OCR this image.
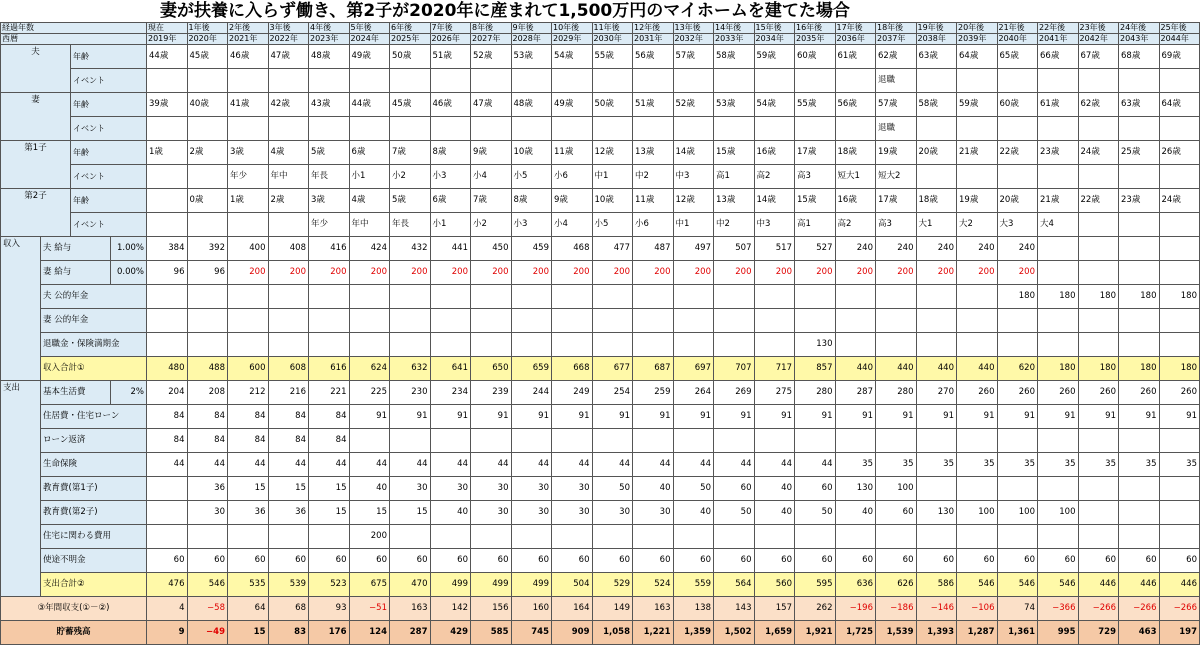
妻が扶養に入らず働き、第2子が2020年に産まれて1,500万円のマイホームを建てた場合
経過年数				現在	1年後	2年後	3年後	4年後	5年後	6年後	7年後	8年後	9年後	10年後	11年後	12年後	13年後	14年後	15年後	16年後	17年後	18年後	19年後	20年後	21年後	22年後	23年後	24年後	25年後
西暦				2019年	2020年	2021年	2022年	2023年	2024年	2025年	2026年	2027年	2028年	2029年	2030年	2031年	2032年	2033年	2034年	2035年	2036年	2037年	2038年	2039年	2040年	2041年	2042年	2043年	2044年
夫		年齢		44歳	45歳	46歳	47歳	48歳	49歳	50歳	51歳	52歳	53歳	54歳	55歳	56歳	57歳	58歳	59歳	60歳	61歳	62歳	63歳	64歳	65歳	66歳	67歳	68歳	69歳
		イベント																				退職							
妻		年齢		39歳	40歳	41歳	42歳	43歳	44歳	45歳	46歳	47歳	48歳	49歳	50歳	51歳	52歳	53歳	54歳	55歳	56歳	57歳	58歳	59歳	60歳	61歳	62歳	63歳	64歳
		イベント																				退職							
第1子		年齢		1歳	2歳	3歳	4歳	5歳	6歳	7歳	8歳	9歳	10歳	11歳	12歳	13歳	14歳	15歳	16歳	17歳	18歳	19歳	20歳	21歳	22歳	23歳	24歳	25歳	26歳
		イベント				年少	年中	年長	小1	小2	小3	小4	小5	小6	中1	中2	中3	高1	高2	高3	短大1	短大2							
第2子		年齢			0歳	1歳	2歳	3歳	4歳	5歳	6歳	7歳	8歳	9歳	10歳	11歳	12歳	13歳	14歳	15歳	16歳	17歳	18歳	19歳	20歳	21歳	22歳	23歳	24歳
		イベント						年少	年中	年長	小1	小2	小3	小4	小5	小6	中1	中2	中3	高1	高2	高3	大1	大2	大3	大4			
収入	夫 給与		1.00%	384	392	400	408	416	424	432	441	450	459	468	477	487	497	507	517	527	240	240	240	240	240				
	妻 給与		0.00%	96	96	200	200	200	200	200	200	200	200	200	200	200	200	200	200	200	200	200	200	200	200				
	夫 公的年金																								180	180	180	180	180
	妻 公的年金																												
	退職金・保険満期金																			130									
	収入合計①			480	488	600	608	616	624	632	641	650	659	668	677	687	697	707	717	857	440	440	440	440	620	180	180	180	180
支出	基本生活費		2%	204	208	212	216	221	225	230	234	239	244	249	254	259	264	269	275	280	287	280	270	260	260	260	260	260	260
	住居費・住宅ローン			84	84	84	84	84	91	91	91	91	91	91	91	91	91	91	91	91	91	91	91	91	91	91	91	91	91
	ローン返済			84	84	84	84	84																					
	生命保険			44	44	44	44	44	44	44	44	44	44	44	44	44	44	44	44	44	35	35	35	35	35	35	35	35	35
	教育費(第1子)				36	15	15	15	40	30	30	30	30	30	50	40	50	60	40	60	130	100							
	教育費(第2子)				30	36	36	15	15	15	40	30	30	30	30	30	40	50	40	50	40	60	130	100	100	100			
	住宅に関わる費用								200																				
	使途不明金			60	60	60	60	60	60	60	60	60	60	60	60	60	60	60	60	60	60	60	60	60	60	60	60	60	60
	支出合計②			476	546	535	539	523	675	470	499	499	499	504	529	524	559	564	560	595	636	626	586	546	546	546	446	446	446
③年間収支(①－②)				4	−58	64	68	93	−51	163	142	156	160	164	149	163	138	143	157	262	−196	−186	−146	−106	74	−366	−266	−266	−266
貯蓄残高				9	−49	15	83	176	124	287	429	585	745	909	1,058	1,221	1,359	1,502	1,659	1,921	1,725	1,539	1,393	1,287	1,361	995	729	463	197
